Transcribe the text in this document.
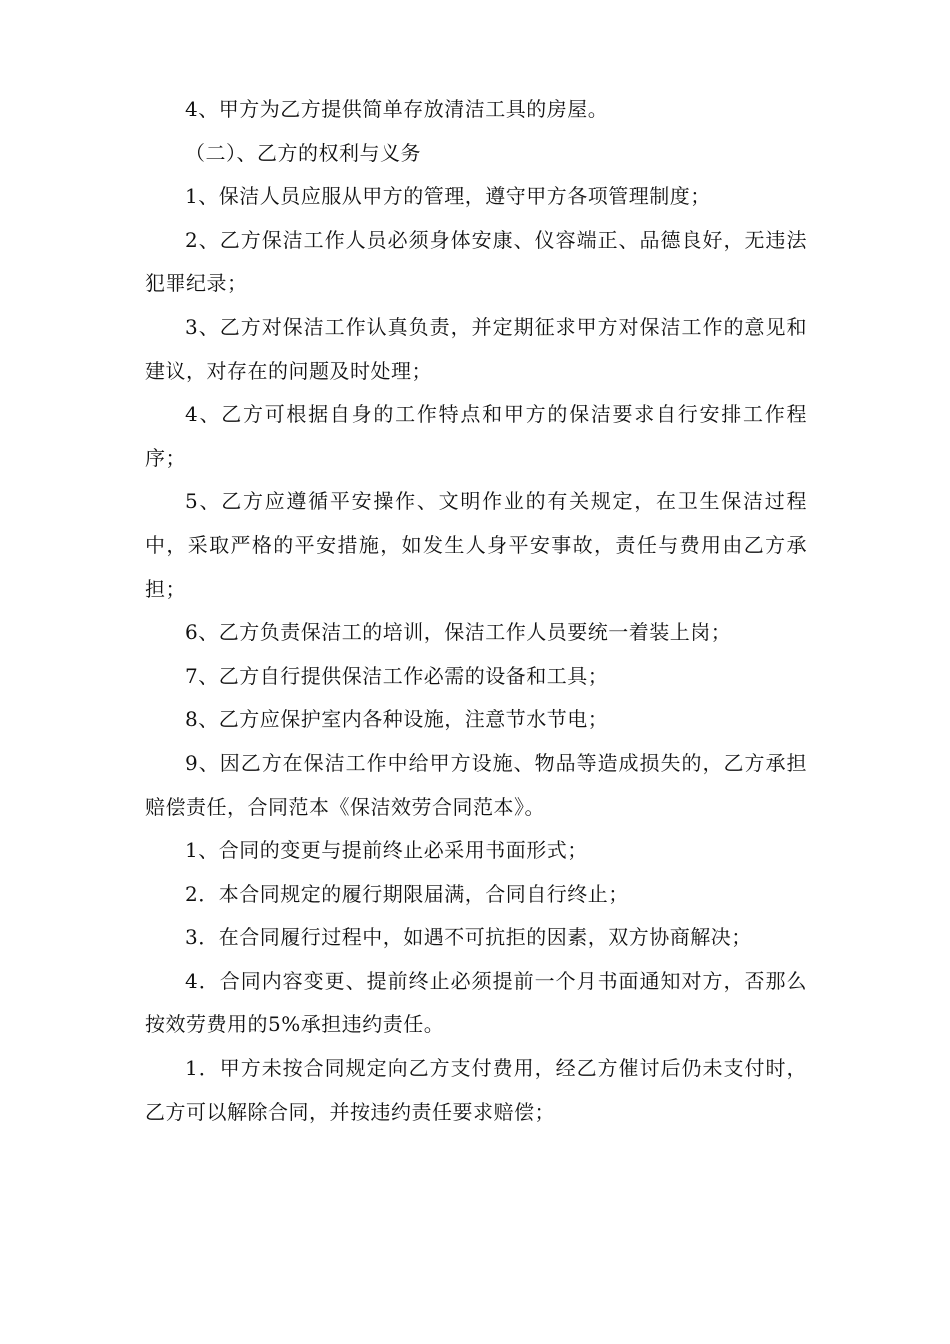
4、甲方为乙方提供简单存放清洁工具的房屋。

（二）、乙方的权利与义务

1、保洁人员应服从甲方的管理，遵守甲方各项管理制度；

2、乙方保洁工作人员必须身体安康、仪容端正、品德良好，无违法犯罪纪录；

3、乙方对保洁工作认真负责，并定期征求甲方对保洁工作的意见和建议，对存在的问题及时处理；

4、乙方可根据自身的工作特点和甲方的保洁要求自行安排工作程序；

5、乙方应遵循平安操作、文明作业的有关规定，在卫生保洁过程中，采取严格的平安措施，如发生人身平安事故，责任与费用由乙方承担；

6、乙方负责保洁工的培训，保洁工作人员要统一着装上岗；

7、乙方自行提供保洁工作必需的设备和工具；

8、乙方应保护室内各种设施，注意节水节电；

9、因乙方在保洁工作中给甲方设施、物品等造成损失的，乙方承担赔偿责任，合同范本《保洁效劳合同范本》。

1、合同的变更与提前终止必采用书面形式；

2．本合同规定的履行期限届满，合同自行终止；

3．在合同履行过程中，如遇不可抗拒的因素，双方协商解决；

4．合同内容变更、提前终止必须提前一个月书面通知对方，否那么按效劳费用的5%承担违约责任。

1．甲方未按合同规定向乙方支付费用，经乙方催讨后仍未支付时，乙方可以解除合同，并按违约责任要求赔偿；
